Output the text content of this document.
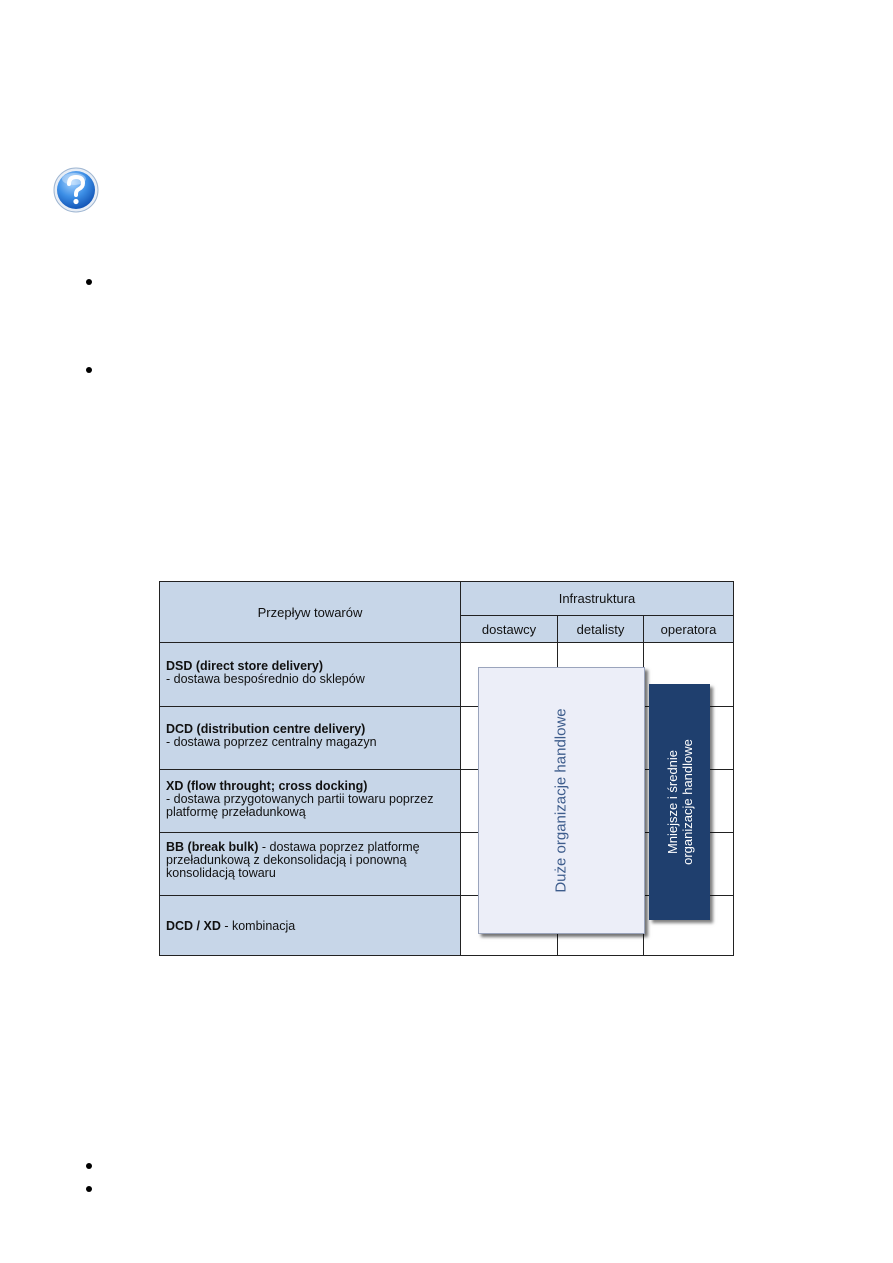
Przepływ towarów
Infrastruktura
dostawcy	detalisty	operatora
DSD (direct store delivery)
- dostawa bespośrednio do sklepów
DCD (distribution centre delivery)
- dostawa poprzez centralny magazyn
XD (flow throught; cross docking)
- dostawa przygotowanych partii towaru poprzez platformę przeładunkową
BB (break bulk) - dostawa poprzez platformę przeładunkową z dekonsolidacją i ponowną konsolidacją towaru
DCD / XD - kombinacja
Duże organizacje handlowe	Mniejsze i średnie
organizacje handlowe
